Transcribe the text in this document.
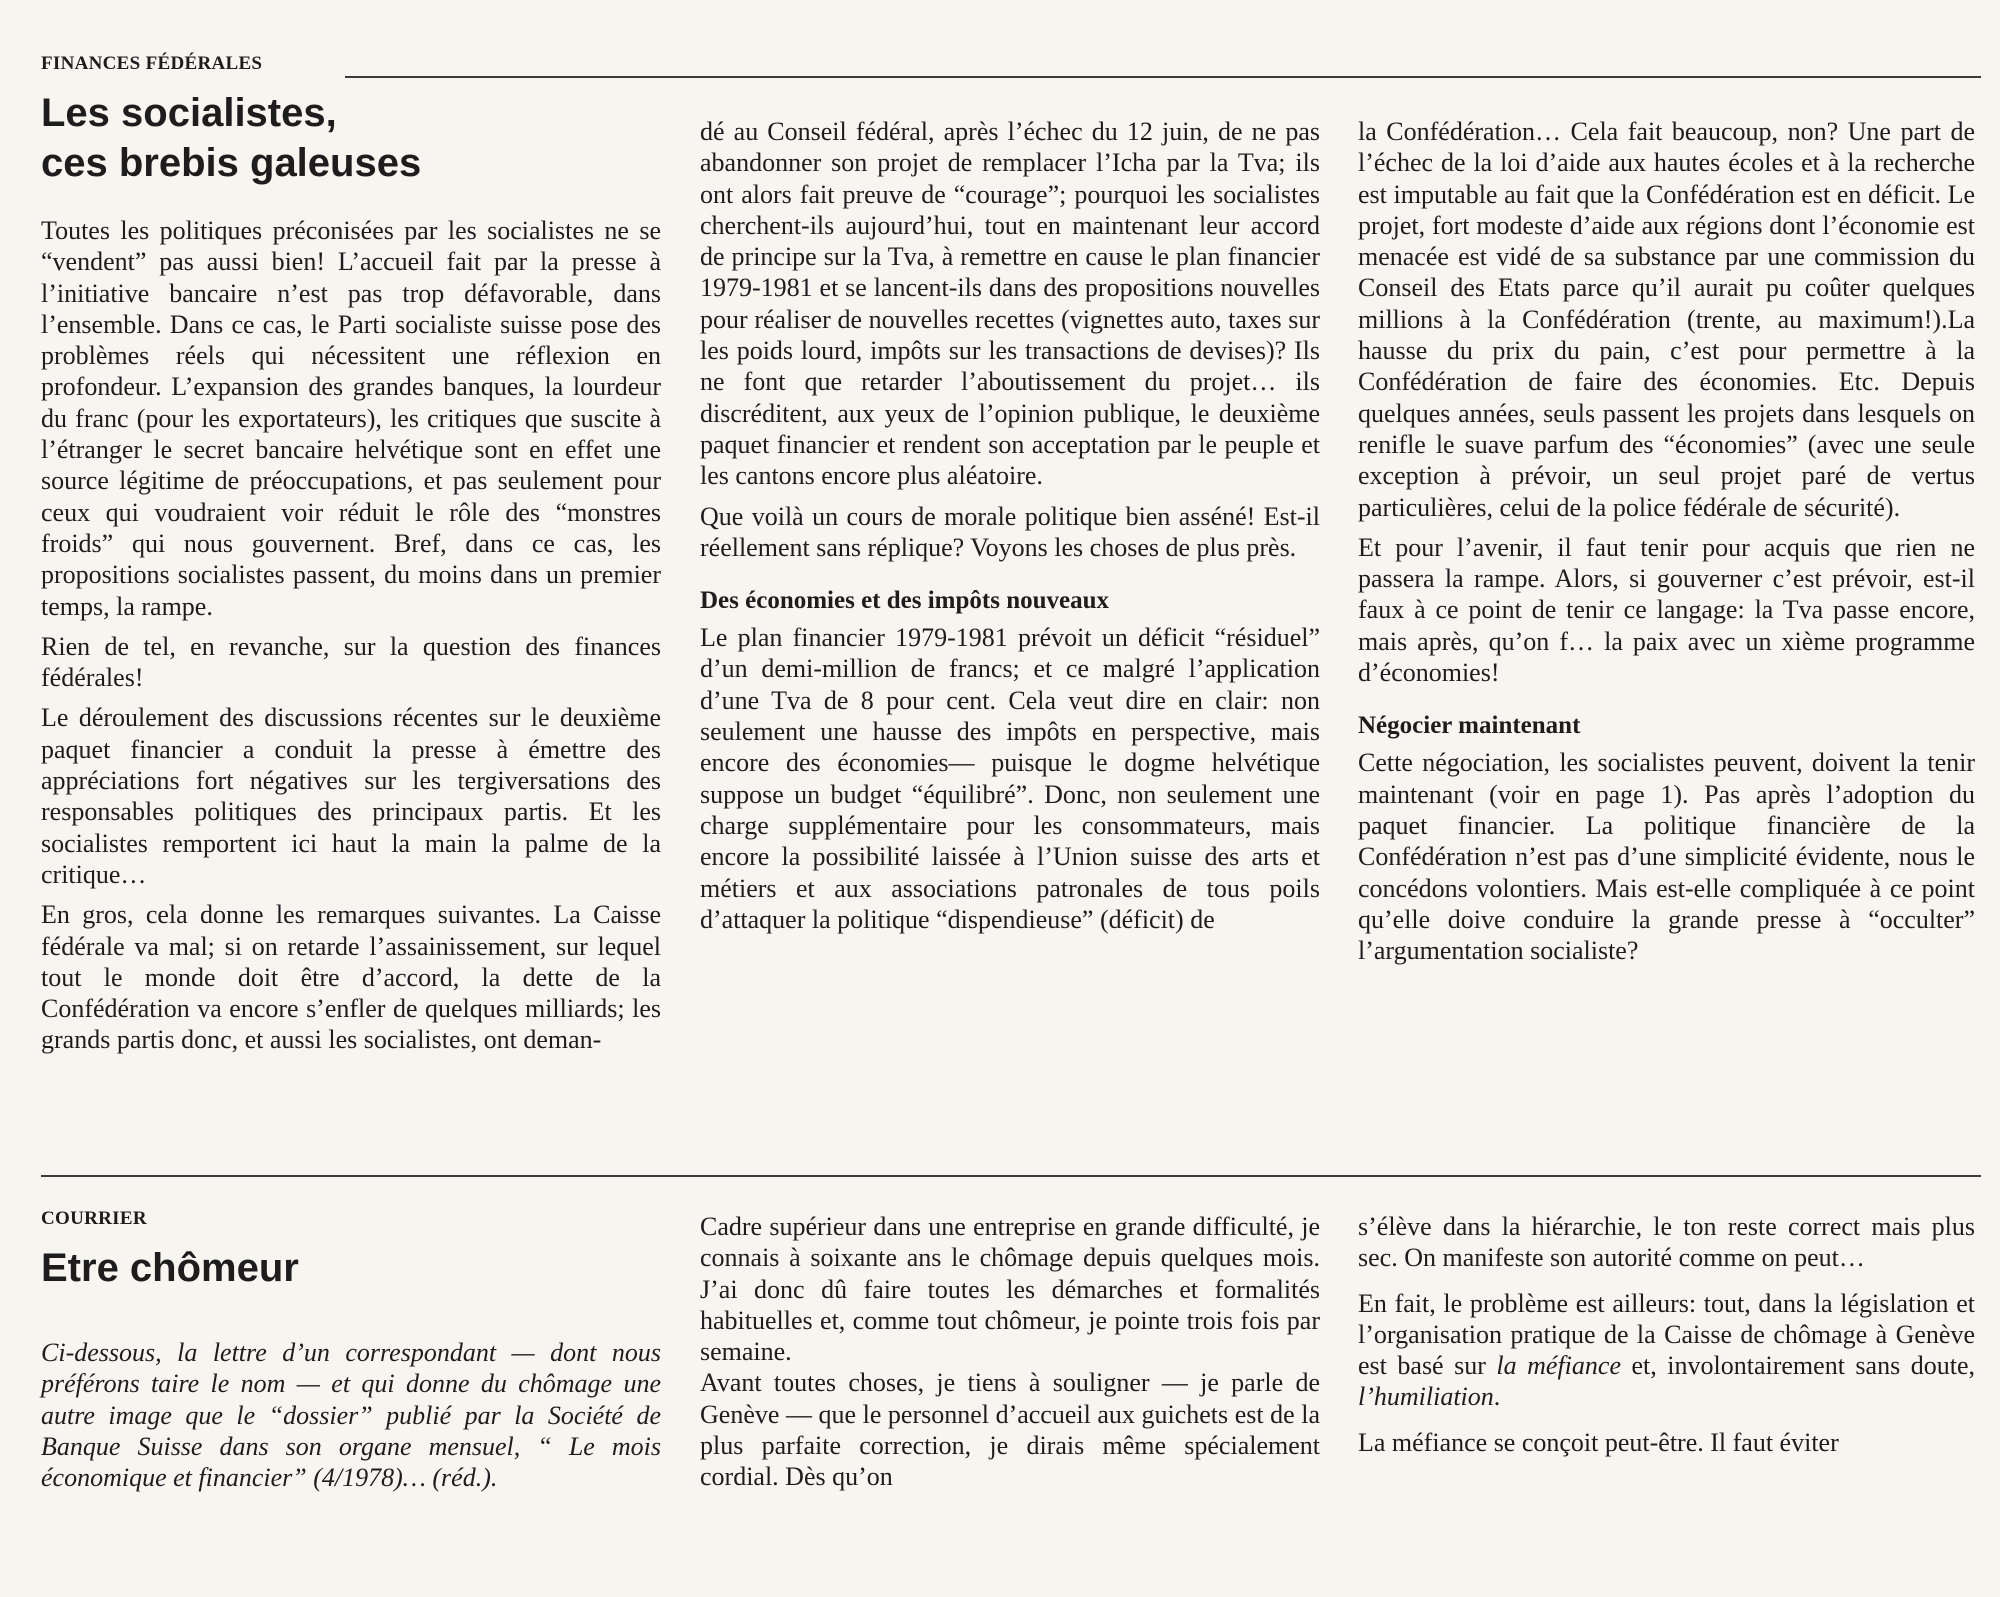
FINANCES FÉDÉRALES
Les socialistes,
ces brebis galeuses

Toutes les politiques préconisées par les socialistes ne se “vendent” pas aussi bien! L’accueil fait par la presse à l’initiative bancaire n’est pas trop défavorable, dans l’ensemble. Dans ce cas, le Parti socialiste suisse pose des problèmes réels qui nécessitent une réflexion en profondeur. L’expansion des grandes banques, la lourdeur du franc (pour les exportateurs), les critiques que suscite à l’étranger le secret bancaire helvétique sont en effet une source légitime de préoccupations, et pas seulement pour ceux qui voudraient voir réduit le rôle des “monstres froids” qui nous gouvernent. Bref, dans ce cas, les propositions socialistes passent, du moins dans un premier temps, la rampe.

Rien de tel, en revanche, sur la question des finances fédérales!

Le déroulement des discussions récentes sur le deuxième paquet financier a conduit la presse à émettre des appréciations fort négatives sur les tergiversations des responsables politiques des principaux partis. Et les socialistes remportent ici haut la main la palme de la critique…

En gros, cela donne les remarques suivantes. La Caisse fédérale va mal; si on retarde l’assainissement, sur lequel tout le monde doit être d’accord, la dette de la Confédération va encore s’enfler de quelques milliards; les grands partis donc, et aussi les socialistes, ont deman-

dé au Conseil fédéral, après l’échec du 12 juin, de ne pas abandonner son projet de remplacer l’Icha par la Tva; ils ont alors fait preuve de “courage”; pourquoi les socialistes cherchent-ils aujourd’hui, tout en maintenant leur accord de principe sur la Tva, à remettre en cause le plan financier 1979-1981 et se lancent-ils dans des propositions nouvelles pour réaliser de nouvelles recettes (vignettes auto, taxes sur les poids lourd, impôts sur les transactions de devises)? Ils ne font que retarder l’aboutissement du projet… ils discréditent, aux yeux de l’opinion publique, le deuxième paquet financier et rendent son acceptation par le peuple et les cantons encore plus aléatoire.

Que voilà un cours de morale politique bien asséné! Est-il réellement sans réplique? Voyons les choses de plus près.

Des économies et des impôts nouveaux

Le plan financier 1979-1981 prévoit un déficit “résiduel” d’un demi-million de francs; et ce malgré l’application d’une Tva de 8 pour cent. Cela veut dire en clair: non seulement une hausse des impôts en perspective, mais encore des économies— puisque le dogme helvétique suppose un budget “équilibré”. Donc, non seulement une charge supplémentaire pour les consommateurs, mais encore la possibilité laissée à l’Union suisse des arts et métiers et aux associations patronales de tous poils d’attaquer la politique “dispendieuse” (déficit) de

la Confédération… Cela fait beaucoup, non? Une part de l’échec de la loi d’aide aux hautes écoles et à la recherche est imputable au fait que la Confédération est en déficit. Le projet, fort modeste d’aide aux régions dont l’économie est menacée est vidé de sa substance par une commission du Conseil des Etats parce qu’il aurait pu coûter quelques millions à la Confédération (trente, au maximum!).La hausse du prix du pain, c’est pour permettre à la Confédération de faire des économies. Etc. Depuis quelques années, seuls passent les projets dans lesquels on renifle le suave parfum des “économies” (avec une seule exception à prévoir, un seul projet paré de vertus particulières, celui de la police fédérale de sécurité).

Et pour l’avenir, il faut tenir pour acquis que rien ne passera la rampe. Alors, si gouverner c’est prévoir, est-il faux à ce point de tenir ce langage: la Tva passe encore, mais après, qu’on f… la paix avec un xième programme d’économies!

Négocier maintenant

Cette négociation, les socialistes peuvent, doivent la tenir maintenant (voir en page 1). Pas après l’adoption du paquet financier. La politique financière de la Confédération n’est pas d’une simplicité évidente, nous le concédons volontiers. Mais est-elle compliquée à ce point qu’elle doive conduire la grande presse à “occulter” l’argumentation socialiste?

COURRIER
Etre chômeur

Ci-dessous, la lettre d’un correspondant — dont nous préférons taire le nom — et qui donne du chômage une autre image que le “dossier” publié par la Société de Banque Suisse dans son organe mensuel, “ Le mois économique et financier” (4/1978)… (réd.).

Cadre supérieur dans une entreprise en grande difficulté, je connais à soixante ans le chômage depuis quelques mois. J’ai donc dû faire toutes les démarches et formalités habituelles et, comme tout chômeur, je pointe trois fois par semaine.

Avant toutes choses, je tiens à souligner — je parle de Genève — que le personnel d’accueil aux guichets est de la plus parfaite correction, je dirais même spécialement cordial. Dès qu’on

s’élève dans la hiérarchie, le ton reste correct mais plus sec. On manifeste son autorité comme on peut…

En fait, le problème est ailleurs: tout, dans la législation et l’organisation pratique de la Caisse de chômage à Genève est basé sur la méfiance et, involontairement sans doute, l’humiliation.

La méfiance se conçoit peut-être. Il faut éviter
